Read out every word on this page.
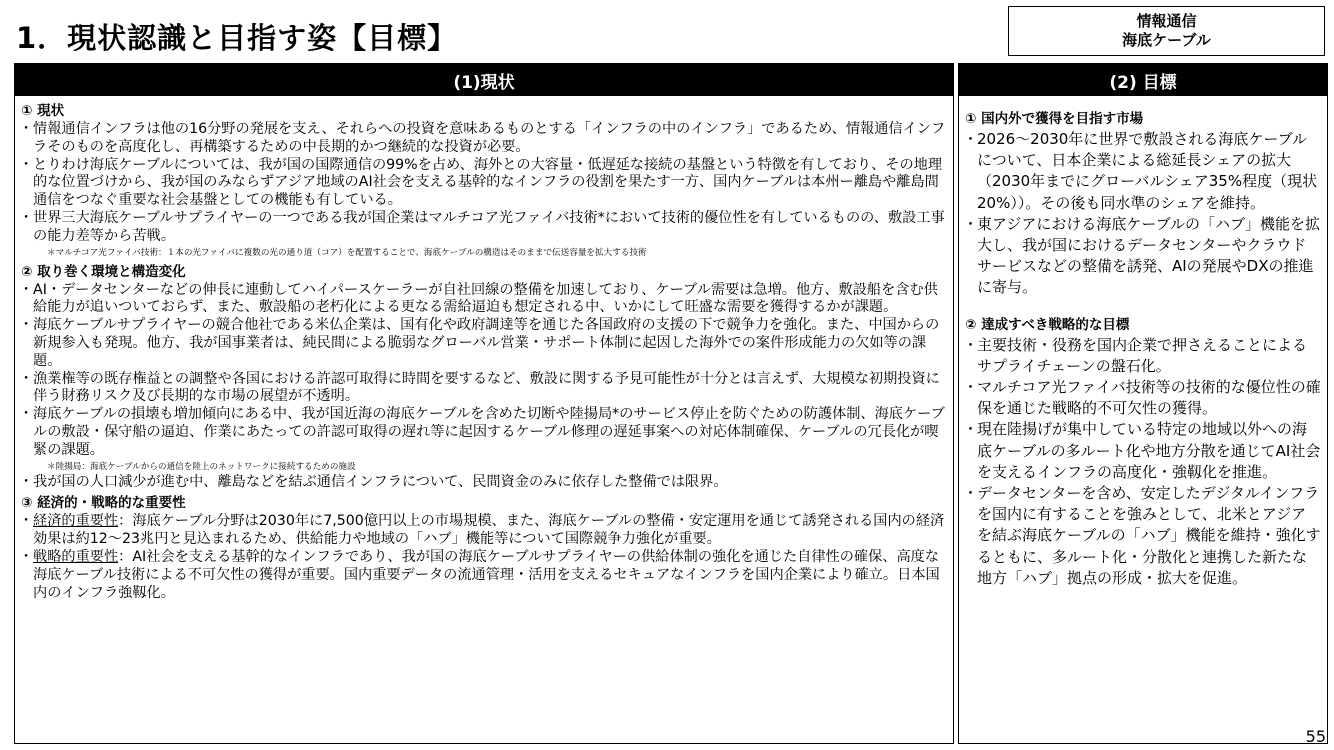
1．現状認識と目指す姿【目標】	情報通信
海底ケーブル
(1)現状
① 現状
・ 情報通信インフラは他の16分野の発展を支え、それらへの投資を意味あるものとする「インフラの中のインフラ」であるため、情報通信インフラそのものを高度化し、再構築するための中長期的かつ継続的な投資が必要。
・ とりわけ海底ケーブルについては、我が国の国際通信の99%を占め、海外との大容量・低遅延な接続の基盤という特徴を有しており、その地理的な位置づけから、我が国のみならずアジア地域のAI社会を支える基幹的なインフラの役割を果たす一方、国内ケーブルは本州ー離島や離島間通信をつなぐ重要な社会基盤としての機能も有している。
・ 世界三大海底ケーブルサプライヤーの一つである我が国企業はマルチコア光ファイバ技術*において技術的優位性を有しているものの、敷設工事の能力差等から苦戦。
＊マルチコア光ファイバ技術：１本の光ファイバに複数の光の通り道（コア）を配置することで、海底ケーブルの構造はそのままで伝送容量を拡大する技術
② 取り巻く環境と構造変化
・ AI・データセンターなどの伸長に連動してハイパースケーラーが自社回線の整備を加速しており、ケーブル需要は急増。他方、敷設船を含む供給能力が追いついておらず、また、敷設船の老朽化による更なる需給逼迫も想定される中、いかにして旺盛な需要を獲得するかが課題。
・ 海底ケーブルサプライヤーの競合他社である米仏企業は、国有化や政府調達等を通じた各国政府の支援の下で競争力を強化。また、中国からの新規参入も発現。他方、我が国事業者は、純民間による脆弱なグローバル営業・サポート体制に起因した海外での案件形成能力の欠如等の課題。
・ 漁業権等の既存権益との調整や各国における許認可取得に時間を要するなど、敷設に関する予見可能性が十分とは言えず、大規模な初期投資に伴う財務リスク及び長期的な市場の展望が不透明。
・ 海底ケーブルの損壊も増加傾向にある中、我が国近海の海底ケーブルを含めた切断や陸揚局*のサービス停止を防ぐための防護体制、海底ケーブルの敷設・保守船の逼迫、作業にあたっての許認可取得の遅れ等に起因するケーブル修理の遅延事案への対応体制確保、ケーブルの冗長化が喫緊の課題。
＊陸揚局：海底ケーブルからの通信を陸上のネットワークに接続するための施設
・ 我が国の人口減少が進む中、離島などを結ぶ通信インフラについて、民間資金のみに依存した整備では限界。
③ 経済的・戦略的な重要性
・ 経済的重要性：海底ケーブル分野は2030年に7,500億円以上の市場規模、また、海底ケーブルの整備・安定運用を通じて誘発される国内の経済効果は約12～23兆円と見込まれるため、供給能力や地域の「ハブ」機能等について国際競争力強化が重要。
・ 戦略的重要性：AI社会を支える基幹的なインフラであり、我が国の海底ケーブルサプライヤーの供給体制の強化を通じた自律性の確保、高度な海底ケーブル技術による不可欠性の獲得が重要。国内重要データの流通管理・活用を支えるセキュアなインフラを国内企業により確立。日本国内のインフラ強靱化。
(2) 目標
① 国内外で獲得を目指す市場
・ 2026～2030年に世界で敷設される海底ケーブルについて、日本企業による総延長シェアの拡大（2030年までにグローバルシェア35%程度（現状20%））。その後も同水準のシェアを維持。
・ 東アジアにおける海底ケーブルの「ハブ」機能を拡大し、我が国におけるデータセンターやクラウドサービスなどの整備を誘発、AIの発展やDXの推進に寄与。
② 達成すべき戦略的な目標
・ 主要技術・役務を国内企業で押さえることによるサプライチェーンの盤石化。
・ マルチコア光ファイバ技術等の技術的な優位性の確保を通じた戦略的不可欠性の獲得。
・ 現在陸揚げが集中している特定の地域以外への海底ケーブルの多ルート化や地方分散を通じてAI社会を支えるインフラの高度化・強靱化を推進。
・ データセンターを含め、安定したデジタルインフラを国内に有することを強みとして、北米とアジアを結ぶ海底ケーブルの「ハブ」機能を維持・強化するともに、多ルート化・分散化と連携した新たな地方「ハブ」拠点の形成・拡大を促進。
55
